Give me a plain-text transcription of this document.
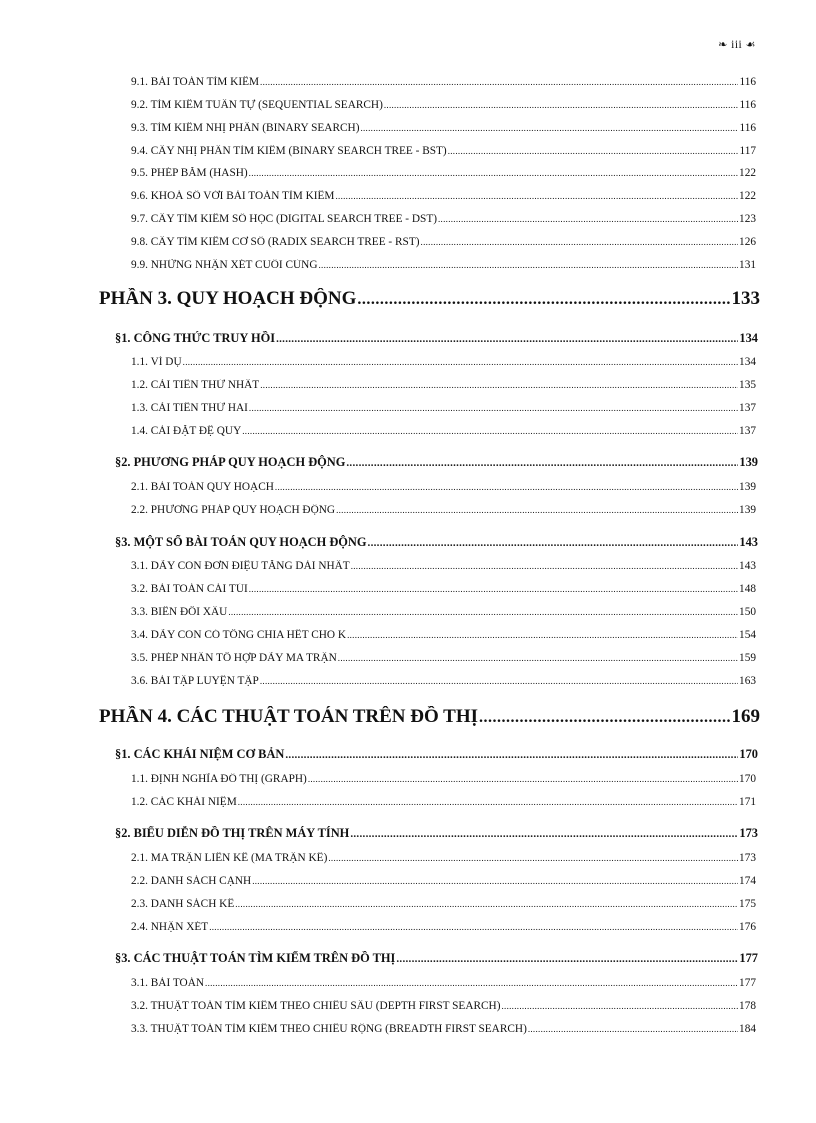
❧ iii ☙
9.1. BÀI TOÁN TÌM KIẾM .....	116
9.2. TÌM KIẾM TUẦN TỰ (SEQUENTIAL SEARCH) .....	116
9.3. TÌM KIẾM NHỊ PHÂN (BINARY SEARCH) .....	116
9.4. CÂY NHỊ PHÂN TÌM KIẾM (BINARY SEARCH TREE - BST) .....	117
9.5. PHÉP BĂM (HASH) .....	122
9.6. KHOÁ SỐ VỚI BÀI TOÁN TÌM KIẾM .....	122
9.7. CÂY TÌM KIẾM SỐ HỌC (DIGITAL SEARCH TREE - DST) .....	123
9.8. CÂY TÌM KIẾM CƠ SỐ (RADIX SEARCH TREE - RST) .....	126
9.9. NHỮNG NHẬN XÉT CUỐI CÙNG .....	131
PHẦN 3. QUY HOẠCH ĐỘNG .....	133
§1. CÔNG THỨC TRUY HỒI .....	134
1.1. VÍ DỤ .....	134
1.2. CẢI TIẾN THỨ NHẤT .....	135
1.3. CẢI TIẾN THỨ HAI .....	137
1.4. CÀI ĐẶT ĐỆ QUY .....	137
§2. PHƯƠNG PHÁP QUY HOẠCH ĐỘNG .....	139
2.1. BÀI TOÁN QUY HOẠCH .....	139
2.2. PHƯƠNG PHÁP QUY HOẠCH ĐỘNG .....	139
§3. MỘT SỐ BÀI TOÁN QUY HOẠCH ĐỘNG .....	143
3.1. DÃY CON ĐƠN ĐIỆU TĂNG DÀI NHẤT .....	143
3.2. BÀI TOÁN CÁI TÚI .....	148
3.3. BIẾN ĐỔI XÂU .....	150
3.4. DÃY CON CÓ TỔNG CHIA HẾT CHO K .....	154
3.5. PHÉP NHÂN TỔ HỢP DÃY MA TRẬN .....	159
3.6. BÀI TẬP LUYỆN TẬP .....	163
PHẦN 4. CÁC THUẬT TOÁN TRÊN ĐỒ THỊ .....	169
§1. CÁC KHÁI NIỆM CƠ BẢN .....	170
1.1. ĐỊNH NGHĨA ĐỒ THỊ (GRAPH) .....	170
1.2. CÁC KHÁI NIỆM .....	171
§2. BIỂU DIỄN ĐỒ THỊ TRÊN MÁY TÍNH .....	173
2.1. MA TRẬN LIỀN KỀ (MA TRẬN KỀ) .....	173
2.2. DANH SÁCH CẠNH .....	174
2.3. DANH SÁCH KỀ .....	175
2.4. NHẬN XÉT .....	176
§3. CÁC THUẬT TOÁN TÌM KIẾM TRÊN ĐỒ THỊ .....	177
3.1. BÀI TOÁN .....	177
3.2. THUẬT TOÁN TÌM KIẾM THEO CHIỀU SÂU (DEPTH FIRST SEARCH) .....	178
3.3. THUẬT TOÁN TÌM KIẾM THEO CHIỀU RỘNG (BREADTH FIRST SEARCH) .....	184
